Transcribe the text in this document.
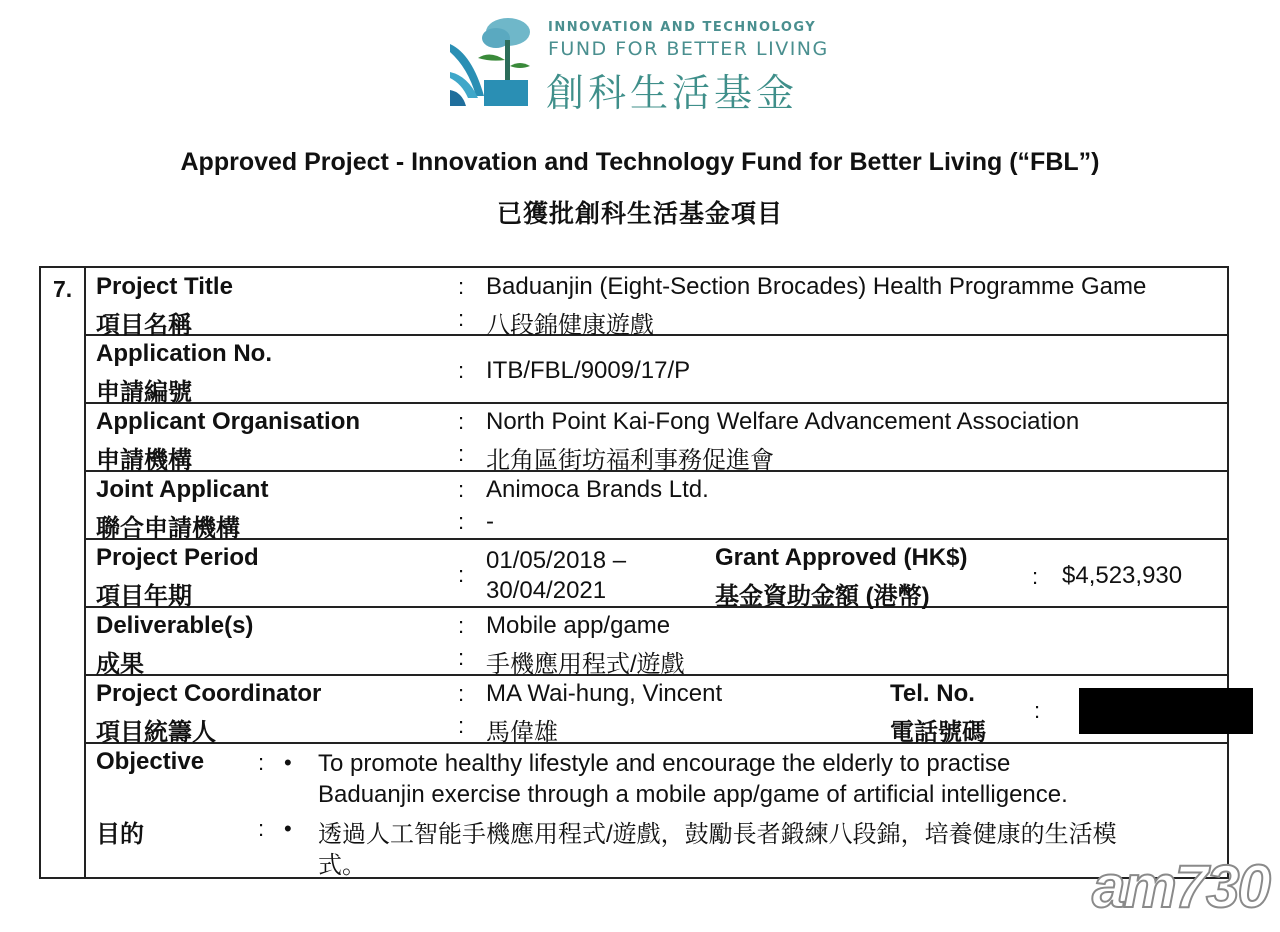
INNOVATION AND TECHNOLOGY
FUND FOR BETTER LIVING
創科生活基金
Approved Project - Innovation and Technology Fund for Better Living (“FBL”)
已獲批創科生活基金項目
7. Project Title
項目名稱
:
:
Baduanjin (Eight-Section Brocades) Health Programme Game
八段錦健康遊戲
Application No.
申請編號
: ITB/FBL/9009/17/P
Applicant Organisation
申請機構
:
:
North Point Kai-Fong Welfare Advancement Association
北角區街坊福利事務促進會
Joint Applicant
聯合申請機構
:
:
Animoca Brands Ltd.
-
Project Period
項目年期
:
01/05/2018 –
30/04/2021
Grant Approved (HK$)
基金資助金額 (港幣)
: $4,523,930
Deliverable(s)
成果
:
:
Mobile app/game
手機應用程式/遊戲
Project Coordinator
項目統籌人
:
:
MA Wai-hung, Vincent
馬偉雄
Tel. No.
電話號碼
:
Objective
目的
: • To promote healthy lifestyle and encourage the elderly to practise
Baduanjin exercise through a mobile app/game of artificial intelligence.
: • 透過人工智能手機應用程式/遊戲，鼓勵長者鍛練八段錦，培養健康的生活模
式。	am730
